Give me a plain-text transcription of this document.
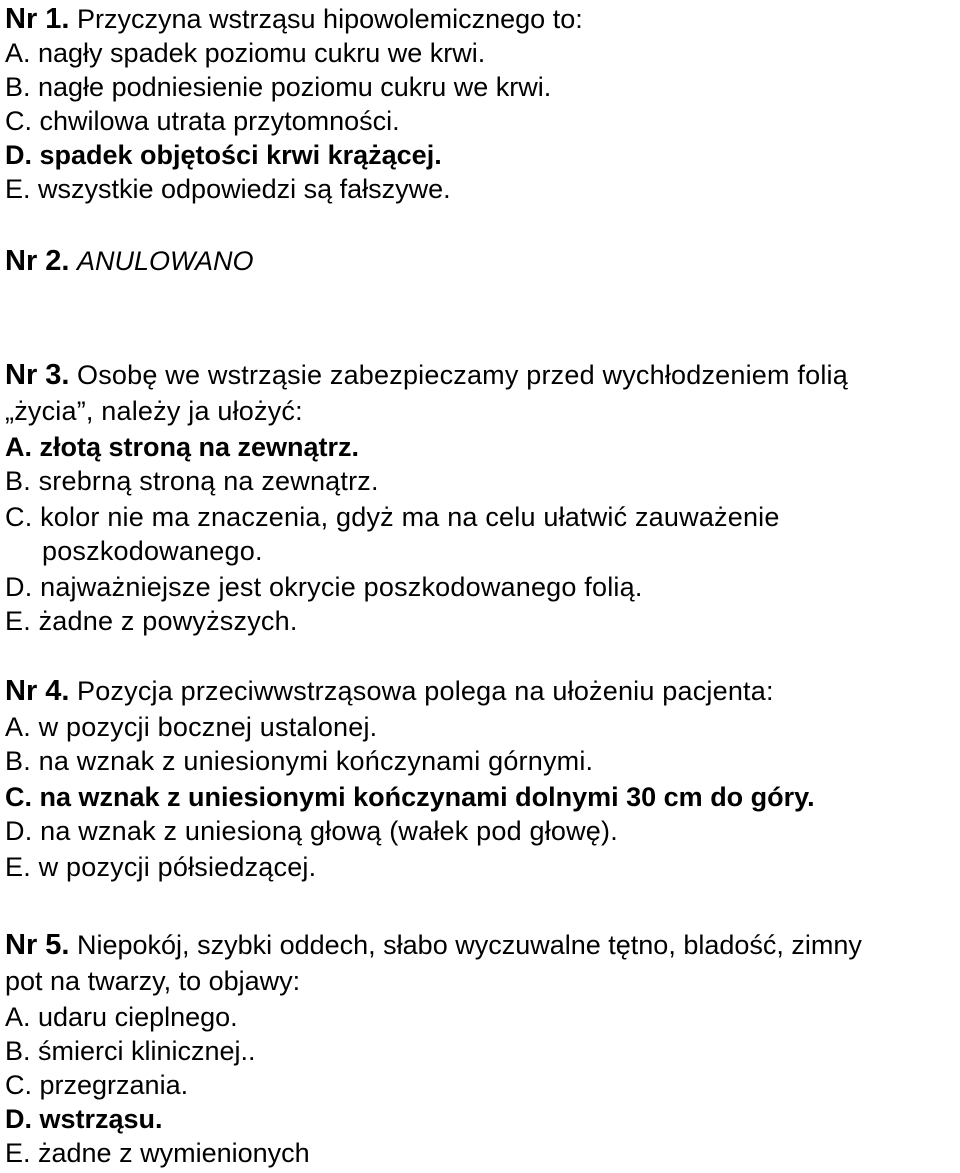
Nr 1. Przyczyna wstrząsu hipowolemicznego to:
A. nagły spadek poziomu cukru we krwi.
B. nagłe podniesienie poziomu cukru we krwi.
C. chwilowa utrata przytomności.
D. spadek objętości krwi krążącej.
E. wszystkie odpowiedzi są fałszywe.
Nr 2. ANULOWANO
Nr 3. Osobę we wstrząsie zabezpieczamy przed wychłodzeniem folią
„życia”, należy ja ułożyć:
A. złotą stroną na zewnątrz.
B. srebrną stroną na zewnątrz.
C. kolor nie ma znaczenia, gdyż ma na celu ułatwić zauważenie
poszkodowanego.
D. najważniejsze jest okrycie poszkodowanego folią.
E. żadne z powyższych.
Nr 4. Pozycja przeciwwstrząsowa polega na ułożeniu pacjenta:
A. w pozycji bocznej ustalonej.
B. na wznak z uniesionymi kończynami górnymi.
C. na wznak z uniesionymi kończynami dolnymi 30 cm do góry.
D. na wznak z uniesioną głową (wałek pod głowę).
E. w pozycji półsiedzącej.
Nr 5. Niepokój, szybki oddech, słabo wyczuwalne tętno, bladość, zimny
pot na twarzy, to objawy:
A. udaru cieplnego.
B. śmierci klinicznej..
C. przegrzania.
D. wstrząsu.
E. żadne z wymienionych
